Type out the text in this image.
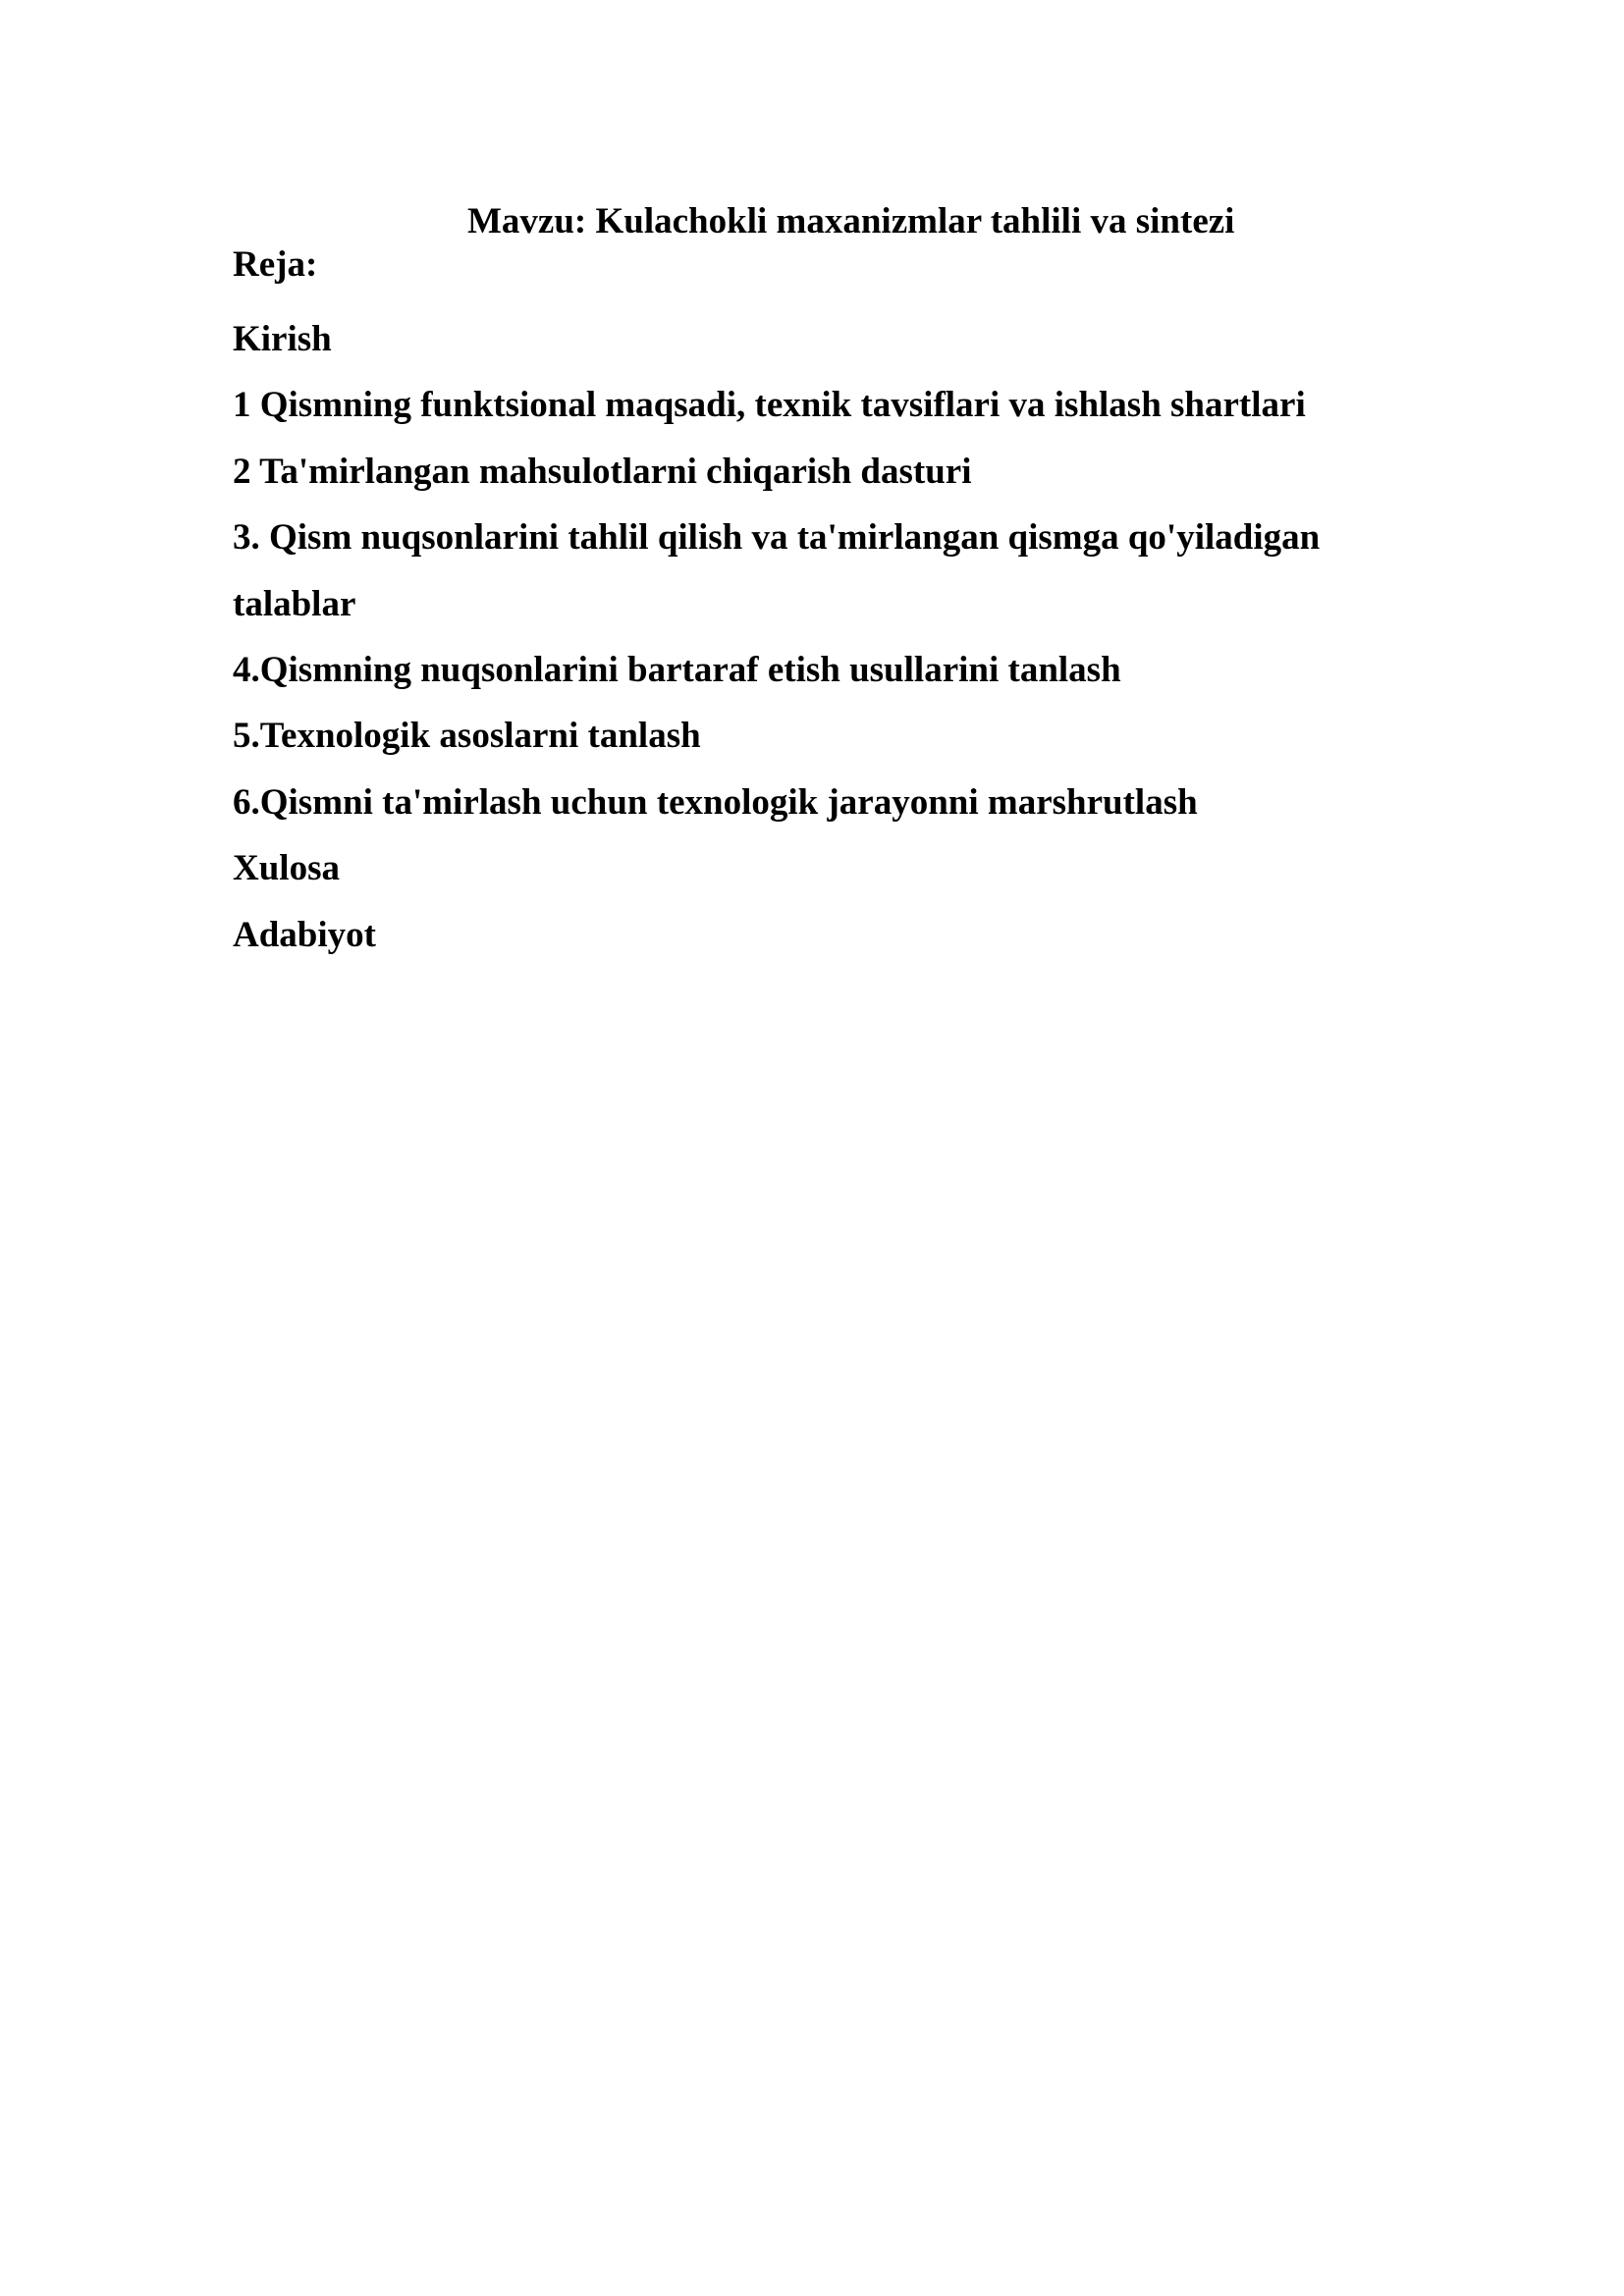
Mavzu: Kulachokli maxanizmlar tahlili va sintezi
Reja:
Kirish
1 Qismning funktsional maqsadi, texnik tavsiflari va ishlash shartlari
2 Ta'mirlangan mahsulotlarni chiqarish dasturi
3. Qism nuqsonlarini tahlil qilish va ta'mirlangan qismga qo'yiladigan
talablar
4.Qismning nuqsonlarini bartaraf etish usullarini tanlash
5.Texnologik asoslarni tanlash
6.Qismni ta'mirlash uchun texnologik jarayonni marshrutlash
Xulosa
Adabiyot
